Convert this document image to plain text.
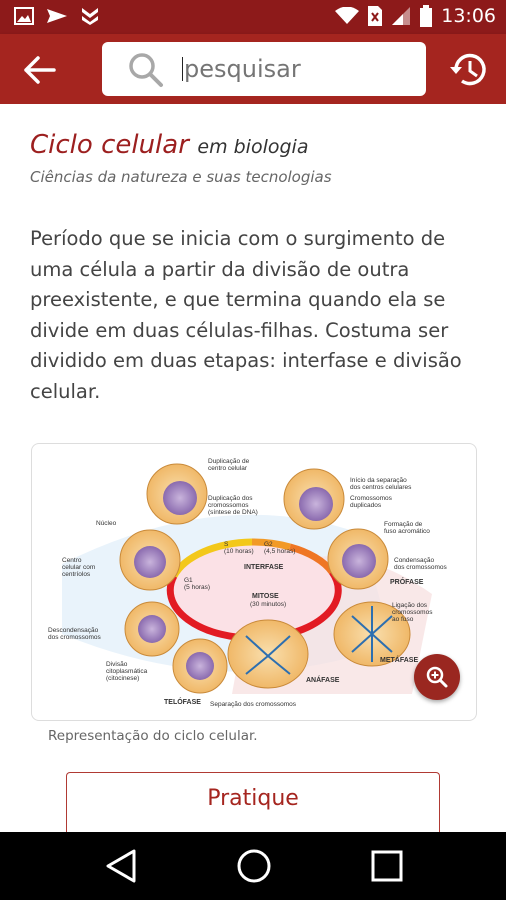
13:06
pesquisar
Ciclo celular em biologia
Ciências da natureza e suas tecnologias

Período que se inicia com o surgimento de uma célula a partir da divisão de outra preexistente, e que termina quando ela se divide em duas células-filhas. Costuma ser dividido em duas etapas: interfase e divisão celular.

Duplicação de
centro celular
Duplicação dos
cromossomos
(síntese de DNA)
Início da separação
dos centros celulares
Cromossomos
duplicados
Núcleo
Centro
celular com
centríolos
Formação de
fuso acromático
Condensação
dos cromossomos
Descondensação
dos cromossomos
Ligação dos
cromossomos
ao fuso
Divisão
citoplasmática
(citocinese)
Separação dos cromossomos
S
(10 horas)
G2
(4,5 horas)
G1
(5 horas)
(30 minutos)
INTERFASE
MITOSE
PRÓFASE
METÁFASE
ANÁFASE
TELÓFASE
Representação do ciclo celular.
Pratique
